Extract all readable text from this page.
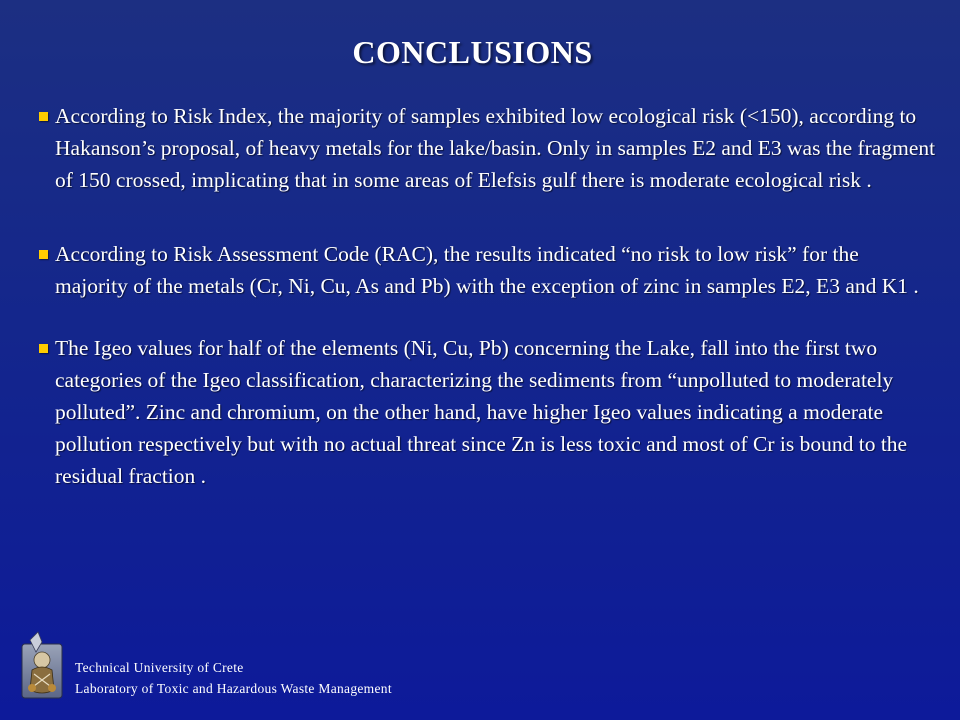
CONCLUSIONS
According to Risk Index, the majority of samples exhibited low ecological risk (<150), according to Hakanson’s proposal, of heavy metals for the lake/basin. Only in samples E2 and E3 was the fragment of 150 crossed, implicating that in some areas of Elefsis gulf there is moderate ecological risk .
According to Risk Assessment Code (RAC), the results indicated “no risk to low risk” for the majority of the metals (Cr, Ni, Cu, As and Pb) with the exception of zinc in samples E2, E3 and K1 .
The Igeo values for half of the elements (Ni, Cu, Pb) concerning the Lake, fall into the first two categories of the Igeo classification, characterizing the sediments from “unpolluted to moderately polluted”. Zinc and chromium, on the other hand, have higher Igeo values indicating a moderate pollution respectively but with no actual threat since Zn is less toxic and most of Cr is bound to the residual fraction .
Technical University of Crete
Laboratory of Toxic and Hazardous Waste Management
